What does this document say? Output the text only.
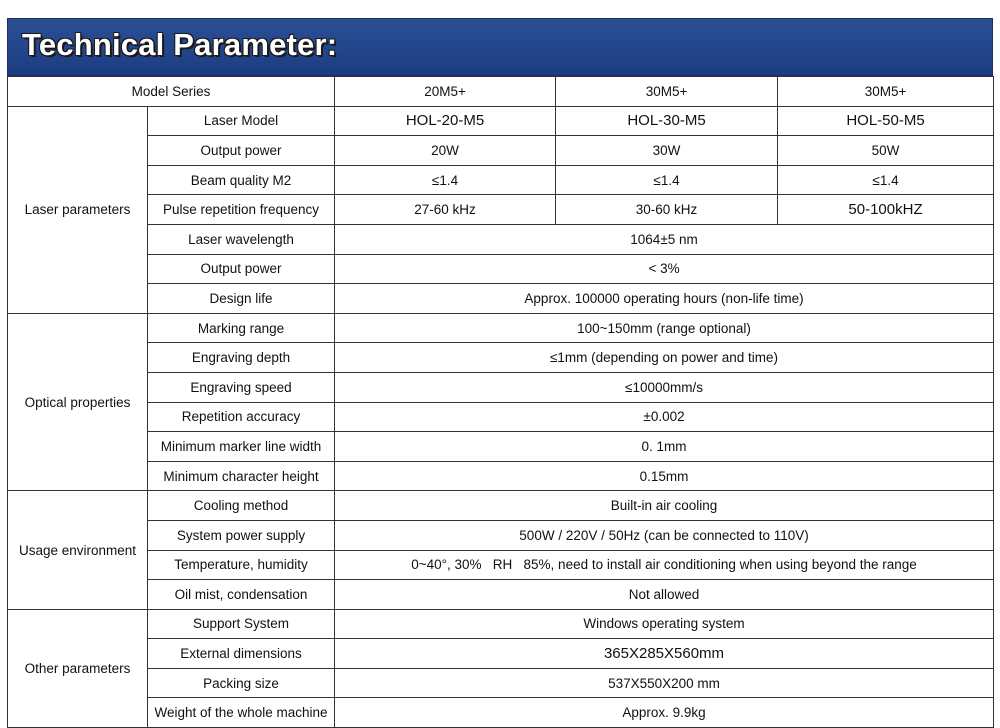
Technical Parameter:
Model Series		20M5+	30M5+	30M5+
Laser parameters	Laser Model	HOL-20-M5	HOL-30-M5	HOL-50-M5
	Output power	20W	30W	50W
	Beam quality M2	≤1.4	≤1.4	≤1.4
	Pulse repetition frequency	27-60 kHz	30-60 kHz	50-100kHZ
	Laser wavelength	1064±5 nm		
	Output power	< 3%		
	Design life	Approx. 100000 operating hours (non-life time)		
Optical properties	Marking range	100~150mm (range optional)		
	Engraving depth	≤1mm (depending on power and time)		
	Engraving speed	≤10000mm/s		
	Repetition accuracy	±0.002		
	Minimum marker line width	0. 1mm		
	Minimum character height	0.15mm		
Usage environment	Cooling method	Built-in air cooling		
	System power supply	500W / 220V / 50Hz (can be connected to 110V)		
	Temperature, humidity	0~40°, 30%   RH   85%, need to install air conditioning when using beyond the range		
	Oil mist, condensation	Not allowed		
Other parameters	Support System	Windows operating system		
	External dimensions	365X285X560mm		
	Packing size	537X550X200 mm		
	Weight of the whole machine	Approx. 9.9kg		
